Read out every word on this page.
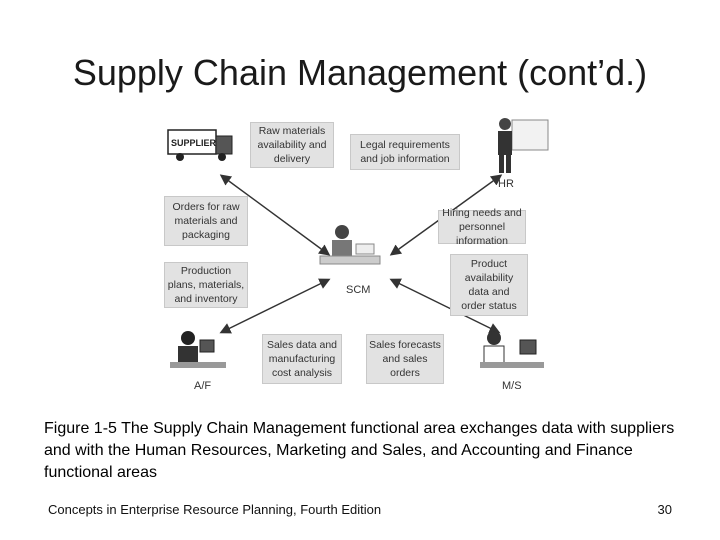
Supply Chain Management (cont’d.)
SUPPLIER
HR
SCM
A/F	M/S
Raw materials
availability and
delivery
Legal requirements
and job information
Orders for raw
materials and
packaging
Hiring needs and
personnel information
Production
plans, materials,
and inventory
Product
availability
data and
order status
Sales data and
manufacturing
cost analysis
Sales forecasts
and sales
orders
Figure 1-5 The Supply Chain Management functional area exchanges data with suppliers and with the Human Resources, Marketing and Sales, and Accounting and Finance functional areas
Concepts in Enterprise Resource Planning, Fourth Edition	30
